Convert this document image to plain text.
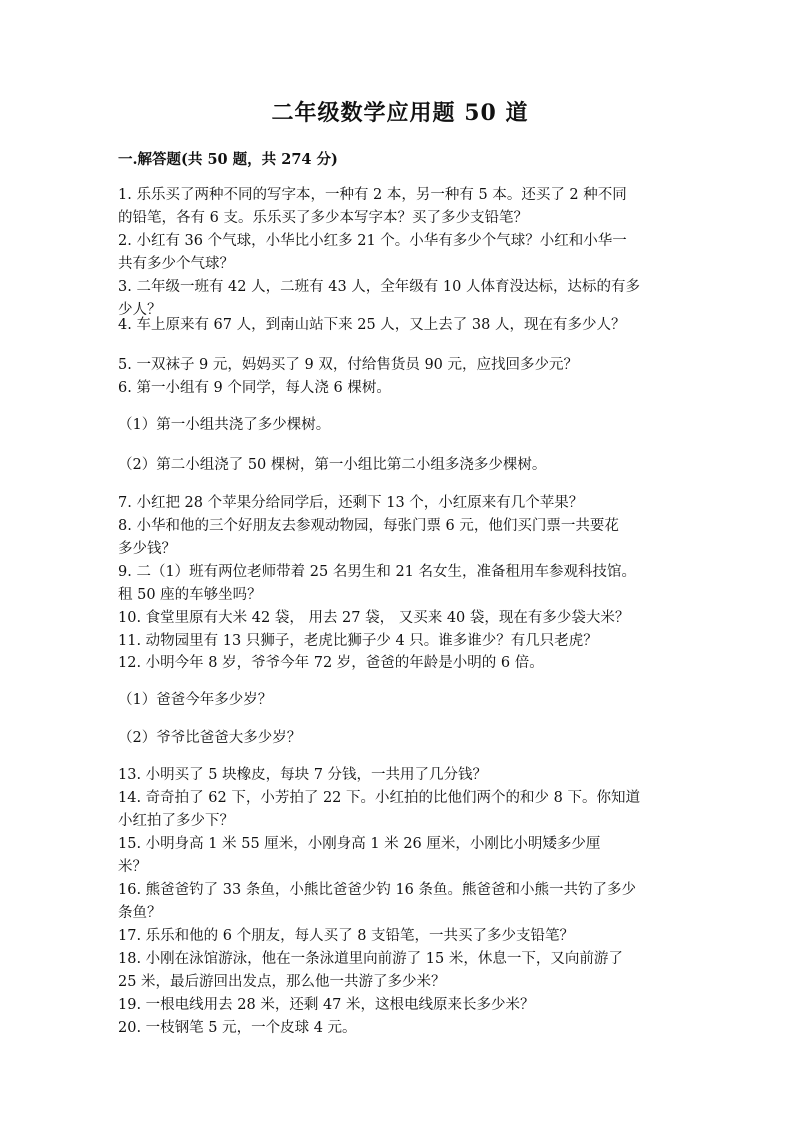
二年级数学应用题 50 道
一.解答题(共 50 题，共 274 分)
1. 乐乐买了两种不同的写字本，一种有 2 本，另一种有 5 本。还买了 2 种不同
的铅笔，各有 6 支。乐乐买了多少本写字本？买了多少支铅笔？
2. 小红有 36 个气球，小华比小红多 21 个。小华有多少个气球？小红和小华一
共有多少个气球？
3. 二年级一班有 42 人，二班有 43 人，全年级有 10 人体育没达标，达标的有多
少人？
4. 车上原来有 67 人，到南山站下来 25 人，又上去了 38 人，现在有多少人？
5. 一双袜子 9 元，妈妈买了 9 双，付给售货员 90 元，应找回多少元？
6. 第一小组有 9 个同学，每人浇 6 棵树。
（1）第一小组共浇了多少棵树。
（2）第二小组浇了 50 棵树，第一小组比第二小组多浇多少棵树。
7. 小红把 28 个苹果分给同学后，还剩下 13 个，小红原来有几个苹果？
8. 小华和他的三个好朋友去参观动物园，每张门票 6 元，他们买门票一共要花
多少钱？
9. 二（1）班有两位老师带着 25 名男生和 21 名女生，准备租用车参观科技馆。
租 50 座的车够坐吗？
10. 食堂里原有大米 42 袋， 用去 27 袋， 又买来 40 袋，现在有多少袋大米？
11. 动物园里有 13 只狮子，老虎比狮子少 4 只。谁多谁少？有几只老虎？
12. 小明今年 8 岁，爷爷今年 72 岁，爸爸的年龄是小明的 6 倍。
（1）爸爸今年多少岁？
（2）爷爷比爸爸大多少岁？
13. 小明买了 5 块橡皮，每块 7 分钱，一共用了几分钱？
14. 奇奇拍了 62 下，小芳拍了 22 下。小红拍的比他们两个的和少 8 下。你知道
小红拍了多少下？
15. 小明身高 1 米 55 厘米，小刚身高 1 米 26 厘米，小刚比小明矮多少厘
米？
16. 熊爸爸钓了 33 条鱼，小熊比爸爸少钓 16 条鱼。熊爸爸和小熊一共钓了多少
条鱼？
17. 乐乐和他的 6 个朋友，每人买了 8 支铅笔，一共买了多少支铅笔？
18. 小刚在泳馆游泳，他在一条泳道里向前游了 15 米，休息一下，又向前游了
25 米，最后游回出发点，那么他一共游了多少米？
19. 一根电线用去 28 米，还剩 47 米，这根电线原来长多少米？
20. 一枝钢笔 5 元，一个皮球 4 元。
